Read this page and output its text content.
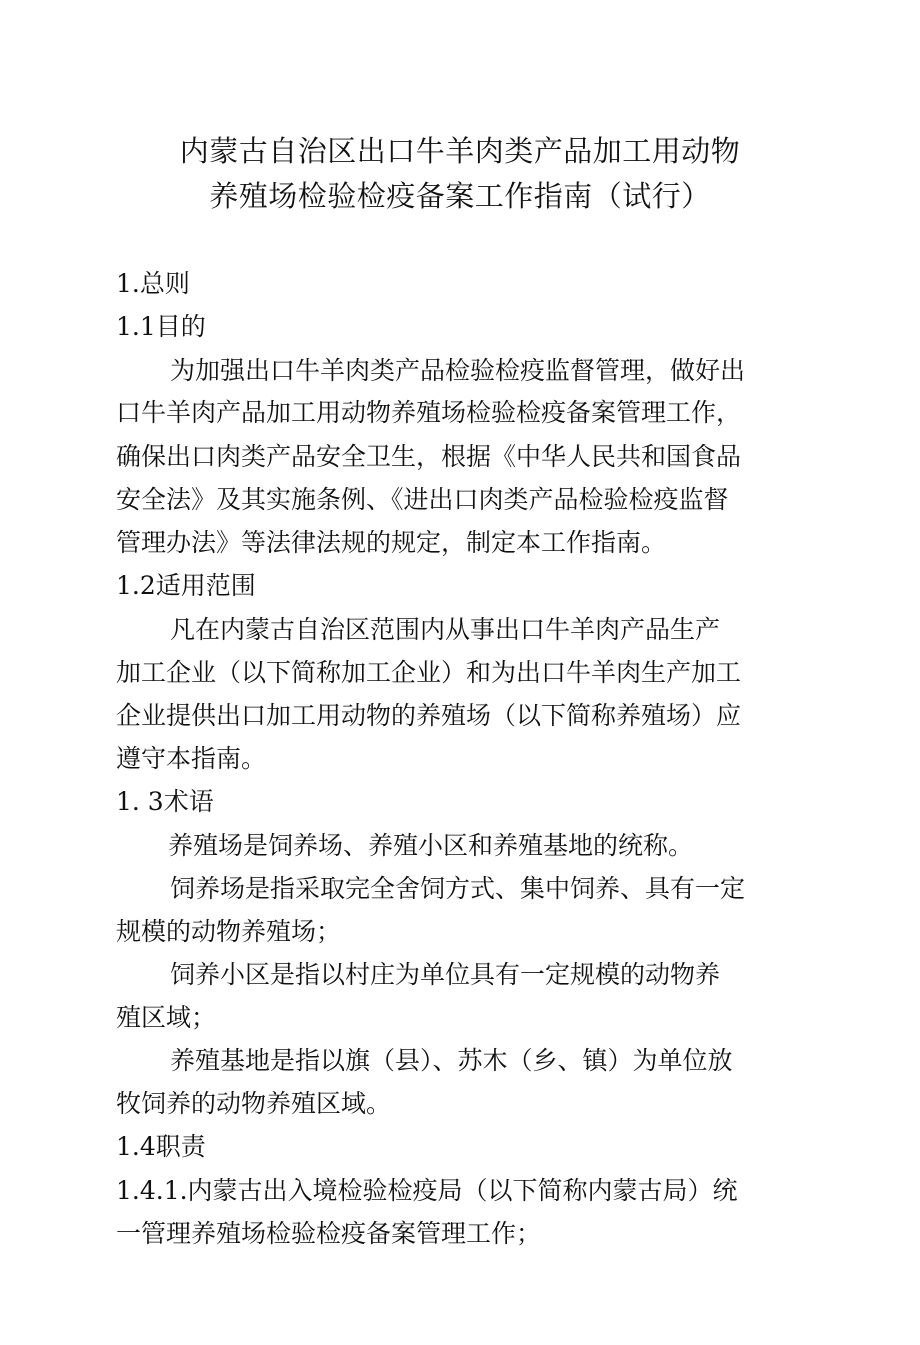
内蒙古自治区出口牛羊肉类产品加工用动物
养殖场检验检疫备案工作指南（试行）
1.总则
1.1目的
为加强出口牛羊肉类产品检验检疫监督管理，做好出
口牛羊肉产品加工用动物养殖场检验检疫备案管理工作，
确保出口肉类产品安全卫生，根据《中华人民共和国食品
安全法》及其实施条例、《进出口肉类产品检验检疫监督
管理办法》等法律法规的规定，制定本工作指南。
1.2适用范围
凡在内蒙古自治区范围内从事出口牛羊肉产品生产
加工企业（以下简称加工企业）和为出口牛羊肉生产加工
企业提供出口加工用动物的养殖场（以下简称养殖场）应
遵守本指南。
1. 3术语
养殖场是饲养场、养殖小区和养殖基地的统称。
饲养场是指采取完全舍饲方式、集中饲养、具有一定
规模的动物养殖场；
饲养小区是指以村庄为单位具有一定规模的动物养
殖区域；
养殖基地是指以旗（县）、苏木（乡、镇）为单位放
牧饲养的动物养殖区域。
1.4职责
1.4.1.内蒙古出入境检验检疫局（以下简称内蒙古局）统
一管理养殖场检验检疫备案管理工作；
